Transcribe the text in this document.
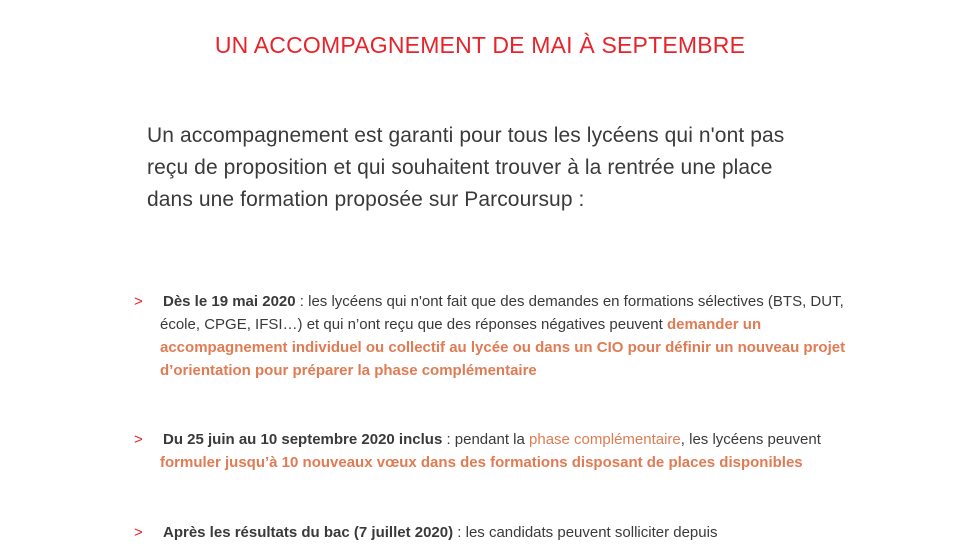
UN ACCOMPAGNEMENT DE MAI À SEPTEMBRE
Un accompagnement est garanti pour tous les lycéens qui n'ont pas reçu de proposition et qui souhaitent trouver à la rentrée une place dans une formation proposée sur Parcoursup :
> Dès le 19 mai 2020 : les lycéens qui n'ont fait que des demandes en formations sélectives (BTS, DUT, école, CPGE, IFSI…) et qui n’ont reçu que des réponses négatives peuvent demander un accompagnement individuel ou collectif au lycée ou dans un CIO pour définir un nouveau projet d’orientation pour préparer la phase complémentaire
> Du 25 juin au 10 septembre 2020 inclus : pendant la phase complémentaire, les lycéens peuvent formuler jusqu’à 10 nouveaux vœux dans des formations disposant de places disponibles
> Après les résultats du bac (7 juillet 2020) : les candidats peuvent solliciter depuis
